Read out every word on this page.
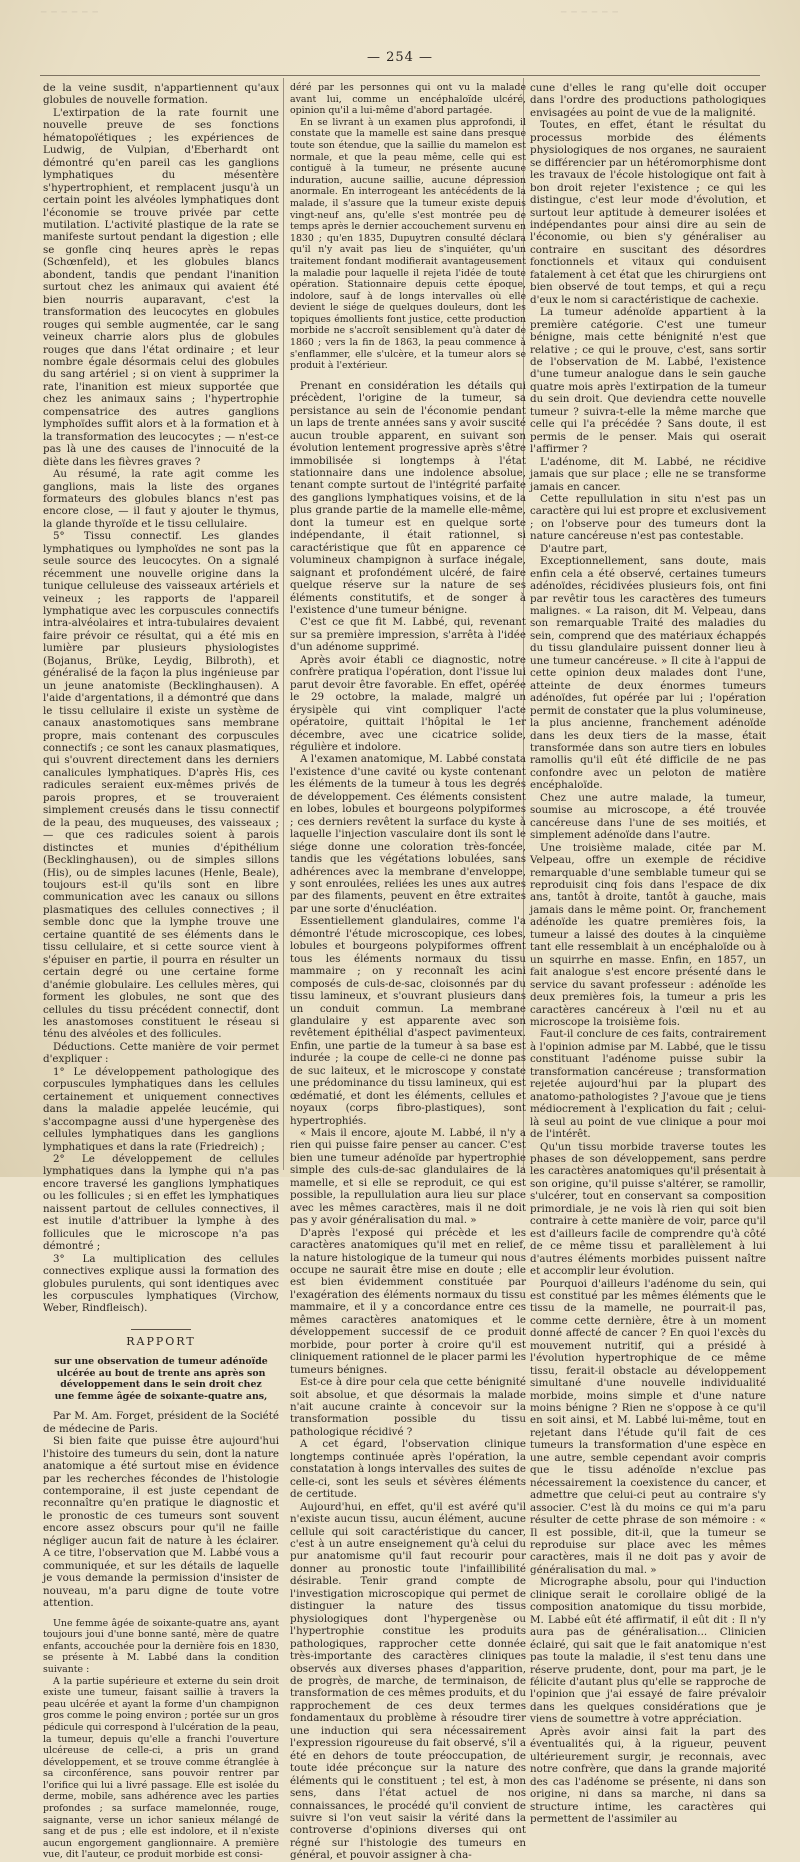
─ ─ ─ ─ ─ ─	─ ─ ─ ─ ─ ─
— 254 —

de la veine susdit, n'appartiennent qu'aux globules de nouvelle formation.

L'extirpation de la rate fournit une nouvelle preuve de ses fonctions hématopoïétiques ; les expériences de Ludwig, de Vulpian, d'Eberhardt ont démontré qu'en pareil cas les ganglions lymphatiques du mésentère s'hypertrophient, et remplacent jusqu'à un certain point les alvéoles lymphatiques dont l'économie se trouve privée par cette mutilation. L'activité plastique de la rate se manifeste surtout pendant la digestion ; elle se gonfle cinq heures après le repas (Schœnfeld), et les globules blancs abondent, tandis que pendant l'inanition surtout chez les animaux qui avaient été bien nourris auparavant, c'est la transformation des leucocytes en globules rouges qui semble augmentée, car le sang veineux charrie alors plus de globules rouges que dans l'état ordinaire ; et leur nombre égale désormais celui des globules du sang artériel ; si on vient à supprimer la rate, l'inanition est mieux supportée que chez les animaux sains ; l'hypertrophie compensatrice des autres ganglions lymphoïdes suffit alors et à la formation et à la transformation des leucocytes ; — n'est-ce pas là une des causes de l'innocuité de la diète dans les fièvres graves ?

Au résumé, la rate agit comme les ganglions, mais la liste des organes formateurs des globules blancs n'est pas encore close, — il faut y ajouter le thymus, la glande thyroïde et le tissu cellulaire.

5° Tissu connectif. Les glandes lymphatiques ou lymphoïdes ne sont pas la seule source des leucocytes. On a signalé récemment une nouvelle origine dans la tunique celluleuse des vaisseaux artériels et veineux ; les rapports de l'appareil lymphatique avec les corpuscules connectifs intra-alvéolaires et intra-tubulaires devaient faire prévoir ce résultat, qui a été mis en lumière par plusieurs physiologistes (Bojanus, Brüke, Leydig, Bilbroth), et généralisé de la façon la plus ingénieuse par un jeune anatomiste (Becklinghausen). A l'aide d'argentations, il a démontré que dans le tissu cellulaire il existe un système de canaux anastomotiques sans membrane propre, mais contenant des corpuscules connectifs ; ce sont les canaux plasmatiques, qui s'ouvrent directement dans les derniers canalicules lymphatiques. D'après His, ces radicules seraient eux-mêmes privés de parois propres, et se trouveraient simplement creusés dans le tissu connectif de la peau, des muqueuses, des vaisseaux ; — que ces radicules soient à parois distinctes et munies d'épithélium (Becklinghausen), ou de simples sillons (His), ou de simples lacunes (Henle, Beale), toujours est-il qu'ils sont en libre communication avec les canaux ou sillons plasmatiques des cellules connectives ; il semble donc que la lymphe trouve une certaine quantité de ses éléments dans le tissu cellulaire, et si cette source vient à s'épuiser en partie, il pourra en résulter un certain degré ou une certaine forme d'anémie globulaire. Les cellules mères, qui forment les globules, ne sont que des cellules du tissu précédent connectif, dont les anastomoses constituent le réseau si ténu des alvéoles et des follicules.

Déductions. Cette manière de voir permet d'expliquer :

1° Le développement pathologique des corpuscules lymphatiques dans les cellules certainement et uniquement connectives dans la maladie appelée leucémie, qui s'accompagne aussi d'une hypergenèse des cellules lymphatiques dans les ganglions lymphatiques et dans la rate (Friedreich) ;

2° Le développement de cellules lymphatiques dans la lymphe qui n'a pas encore traversé les ganglions lymphatiques ou les follicules ; si en effet les lymphatiques naissent partout de cellules connectives, il est inutile d'attribuer la lymphe à des follicules que le microscope n'a pas démontré ;

3° La multiplication des cellules connectives explique aussi la formation des globules purulents, qui sont identiques avec les corpuscules lymphatiques (Virchow, Weber, Rindfleisch).

RAPPORT
sur une observation de tumeur adénoïde ulcérée au bout de trente ans après son développement dans le sein droit chez une femme âgée de soixante-quatre ans,

Par M. Am. Forget, président de la Société de médecine de Paris.

Si bien faite que puisse être aujourd'hui l'histoire des tumeurs du sein, dont la nature anatomique a été surtout mise en évidence par les recherches fécondes de l'histologie contemporaine, il est juste cependant de reconnaître qu'en pratique le diagnostic et le pronostic de ces tumeurs sont souvent encore assez obscurs pour qu'il ne faille négliger aucun fait de nature à les éclairer. A ce titre, l'observation que M. Labbé vous a communiquée, et sur les détails de laquelle je vous demande la permission d'insister de nouveau, m'a paru digne de toute votre attention.

Une femme âgée de soixante-quatre ans, ayant toujours joui d'une bonne santé, mère de quatre enfants, accouchée pour la dernière fois en 1830, se présente à M. Labbé dans la condition suivante :

A la partie supérieure et externe du sein droit existe une tumeur, faisant saillie à travers la peau ulcérée et ayant la forme d'un champignon gros comme le poing environ ; portée sur un gros pédicule qui correspond à l'ulcération de la peau, la tumeur, depuis qu'elle a franchi l'ouverture ulcéreuse de celle-ci, a pris un grand développement, et se trouve comme étranglée à sa circonférence, sans pouvoir rentrer par l'orifice qui lui a livré passage. Elle est isolée du derme, mobile, sans adhérence avec les parties profondes ; sa surface mamelonnée, rouge, saignante, verse un ichor sanieux mélangé de sang et de pus ; elle est indolore, et il n'existe aucun engorgement ganglionnaire. A première vue, dit l'auteur, ce produit morbide est consi-

déré par les personnes qui ont vu la malade avant lui, comme un encéphaloïde ulcéré, opinion qu'il a lui-même d'abord partagée.

En se livrant à un examen plus approfondi, il constate que la mamelle est saine dans presque toute son étendue, que la saillie du mamelon est normale, et que la peau même, celle qui est contiguë à la tumeur, ne présente aucune induration, aucune saillie, aucune dépression anormale. En interrogeant les antécédents de la malade, il s'assure que la tumeur existe depuis vingt-neuf ans, qu'elle s'est montrée peu de temps après le dernier accouchement survenu en 1830 ; qu'en 1835, Dupuytren consulté déclara qu'il n'y avait pas lieu de s'inquiéter, qu'un traitement fondant modifierait avantageusement la maladie pour laquelle il rejeta l'idée de toute opération. Stationnaire depuis cette époque, indolore, sauf à de longs intervalles où elle devient le siége de quelques douleurs, dont les topiques émollients font justice, cette production morbide ne s'accroît sensiblement qu'à dater de 1860 ; vers la fin de 1863, la peau commence à s'enflammer, elle s'ulcère, et la tumeur alors se produit à l'extérieur.

Prenant en considération les détails qui précèdent, l'origine de la tumeur, sa persistance au sein de l'économie pendant un laps de trente années sans y avoir suscité aucun trouble apparent, en suivant son évolution lentement progressive après s'être immobilisée si longtemps à l'état stationnaire dans une indolence absolue, tenant compte surtout de l'intégrité parfaite des ganglions lymphatiques voisins, et de la plus grande partie de la mamelle elle-même, dont la tumeur est en quelque sorte indépendante, il était rationnel, si caractéristique que fût en apparence ce volumineux champignon à surface inégale, saignant et profondément ulcéré, de faire quelque réserve sur la nature de ses éléments constitutifs, et de songer à l'existence d'une tumeur bénigne.

C'est ce que fit M. Labbé, qui, revenant sur sa première impression, s'arrêta à l'idée d'un adénome supprimé.

Après avoir établi ce diagnostic, notre confrère pratiqua l'opération, dont l'issue lui parut devoir être favorable. En effet, opérée le 29 octobre, la malade, malgré un érysipèle qui vint compliquer l'acte opératoire, quittait l'hôpital le 1er décembre, avec une cicatrice solide, régulière et indolore.

A l'examen anatomique, M. Labbé constata l'existence d'une cavité ou kyste contenant les éléments de la tumeur à tous les degrés de développement. Ces éléments consistent en lobes, lobules et bourgeons polypiformes ; ces derniers revêtent la surface du kyste à laquelle l'injection vasculaire dont ils sont le siége donne une coloration très-foncée, tandis que les végétations lobulées, sans adhérences avec la membrane d'enveloppe, y sont enroulées, reliées les unes aux autres par des filaments, peuvent en être extraites par une sorte d'énucléation.

Essentiellement glandulaires, comme l'a démontré l'étude microscopique, ces lobes, lobules et bourgeons polypiformes offrent tous les éléments normaux du tissu mammaire ; on y reconnaît les acini composés de culs-de-sac, cloisonnés par du tissu lamineux, et s'ouvrant plusieurs dans un conduit commun. La membrane glandulaire y est apparente avec son revêtement épithélial d'aspect pavimenteux. Enfin, une partie de la tumeur à sa base est indurée ; la coupe de celle-ci ne donne pas de suc laiteux, et le microscope y constate une prédominance du tissu lamineux, qui est œdématié, et dont les éléments, cellules et noyaux (corps fibro-plastiques), sont hypertrophiés.

« Mais il encore, ajoute M. Labbé, il n'y a rien qui puisse faire penser au cancer. C'est bien une tumeur adénoïde par hypertrophie simple des culs-de-sac glandulaires de la mamelle, et si elle se reproduit, ce qui est possible, la repullulation aura lieu sur place avec les mêmes caractères, mais il ne doit pas y avoir généralisation du mal. »

D'après l'exposé qui précède et les caractères anatomiques qu'il met en relief, la nature histologique de la tumeur qui nous occupe ne saurait être mise en doute ; elle est bien évidemment constituée par l'exagération des éléments normaux du tissu mammaire, et il y a concordance entre ces mêmes caractères anatomiques et le développement successif de ce produit morbide, pour porter à croire qu'il est cliniquement rationnel de le placer parmi les tumeurs bénignes.

Est-ce à dire pour cela que cette bénignité soit absolue, et que désormais la malade n'ait aucune crainte à concevoir sur la transformation possible du tissu pathologique récidivé ?

A cet égard, l'observation clinique longtemps continuée après l'opération, la constatation à longs intervalles des suites de celle-ci, sont les seuls et sévères éléments de certitude.

Aujourd'hui, en effet, qu'il est avéré qu'il n'existe aucun tissu, aucun élément, aucune cellule qui soit caractéristique du cancer, c'est à un autre enseignement qu'à celui du pur anatomisme qu'il faut recourir pour donner au pronostic toute l'infaillibilité désirable. Tenir grand compte de l'investigation microscopique qui permet de distinguer la nature des tissus physiologiques dont l'hypergenèse ou l'hypertrophie constitue les produits pathologiques, rapprocher cette donnée très-importante des caractères cliniques observés aux diverses phases d'apparition, de progrès, de marche, de terminaison, de transformation de ces mêmes produits, et du rapprochement de ces deux termes fondamentaux du problème à résoudre tirer une induction qui sera nécessairement l'expression rigoureuse du fait observé, s'il a été en dehors de toute préoccupation, de toute idée préconçue sur la nature des éléments qui le constituent ; tel est, à mon sens, dans l'état actuel de nos connaissances, le procédé qu'il convient de suivre si l'on veut saisir la vérité dans la controverse d'opinions diverses qui ont régné sur l'histologie des tumeurs en général, et pouvoir assigner à cha-

cune d'elles le rang qu'elle doit occuper dans l'ordre des productions pathologiques envisagées au point de vue de la malignité.

Toutes, en effet, étant le résultat du processus morbide des éléments physiologiques de nos organes, ne sauraient se différencier par un hétéromorphisme dont les travaux de l'école histologique ont fait à bon droit rejeter l'existence ; ce qui les distingue, c'est leur mode d'évolution, et surtout leur aptitude à demeurer isolées et indépendantes pour ainsi dire au sein de l'économie, ou bien s'y généraliser au contraire en suscitant des désordres fonctionnels et vitaux qui conduisent fatalement à cet état que les chirurgiens ont bien observé de tout temps, et qui a reçu d'eux le nom si caractéristique de cachexie.

La tumeur adénoïde appartient à la première catégorie. C'est une tumeur bénigne, mais cette bénignité n'est que relative ; ce qui le prouve, c'est, sans sortir de l'observation de M. Labbé, l'existence d'une tumeur analogue dans le sein gauche quatre mois après l'extirpation de la tumeur du sein droit. Que deviendra cette nouvelle tumeur ? suivra-t-elle la même marche que celle qui l'a précédée ? Sans doute, il est permis de le penser. Mais qui oserait l'affirmer ?

L'adénome, dit M. Labbé, ne récidive jamais que sur place ; elle ne se transforme jamais en cancer.

Cette repullulation in situ n'est pas un caractère qui lui est propre et exclusivement ; on l'observe pour des tumeurs dont la nature cancéreuse n'est pas contestable.

D'autre part,

Exceptionnellement, sans doute, mais enfin cela a été observé, certaines tumeurs adénoïdes, récidivées plusieurs fois, ont fini par revêtir tous les caractères des tumeurs malignes. « La raison, dit M. Velpeau, dans son remarquable Traité des maladies du sein, comprend que des matériaux échappés du tissu glandulaire puissent donner lieu à une tumeur cancéreuse. » Il cite à l'appui de cette opinion deux malades dont l'une, atteinte de deux énormes tumeurs adénoïdes, fut opérée par lui ; l'opération permit de constater que la plus volumineuse, la plus ancienne, franchement adénoïde dans les deux tiers de la masse, était transformée dans son autre tiers en lobules ramollis qu'il eût été difficile de ne pas confondre avec un peloton de matière encéphaloïde.

Chez une autre malade, la tumeur, soumise au microscope, a été trouvée cancéreuse dans l'une de ses moitiés, et simplement adénoïde dans l'autre.

Une troisième malade, citée par M. Velpeau, offre un exemple de récidive remarquable d'une semblable tumeur qui se reproduisit cinq fois dans l'espace de dix ans, tantôt à droite, tantôt à gauche, mais jamais dans le même point. Or, franchement adénoïde les quatre premières fois, la tumeur a laissé des doutes à la cinquième tant elle ressemblait à un encéphaloïde ou à un squirrhe en masse. Enfin, en 1857, un fait analogue s'est encore présenté dans le service du savant professeur : adénoïde les deux premières fois, la tumeur a pris les caractères cancéreux à l'œil nu et au microscope la troisième fois.

Faut-il conclure de ces faits, contrairement à l'opinion admise par M. Labbé, que le tissu constituant l'adénome puisse subir la transformation cancéreuse ; transformation rejetée aujourd'hui par la plupart des anatomo-pathologistes ? J'avoue que je tiens médiocrement à l'explication du fait ; celui-là seul au point de vue clinique a pour moi de l'intérêt.

Qu'un tissu morbide traverse toutes les phases de son développement, sans perdre les caractères anatomiques qu'il présentait à son origine, qu'il puisse s'altérer, se ramollir, s'ulcérer, tout en conservant sa composition primordiale, je ne vois là rien qui soit bien contraire à cette manière de voir, parce qu'il est d'ailleurs facile de comprendre qu'à côté de ce même tissu et parallèlement à lui d'autres éléments morbides puissent naître et accomplir leur évolution.

Pourquoi d'ailleurs l'adénome du sein, qui est constitué par les mêmes éléments que le tissu de la mamelle, ne pourrait-il pas, comme cette dernière, être à un moment donné affecté de cancer ? En quoi l'excès du mouvement nutritif, qui a présidé à l'évolution hypertrophique de ce même tissu, ferait-il obstacle au développement simultané d'une nouvelle individualité morbide, moins simple et d'une nature moins bénigne ? Rien ne s'oppose à ce qu'il en soit ainsi, et M. Labbé lui-même, tout en rejetant dans l'étude qu'il fait de ces tumeurs la transformation d'une espèce en une autre, semble cependant avoir compris que le tissu adénoïde n'exclue pas nécessairement la coexistence du cancer, et admettre que celui-ci peut au contraire s'y associer. C'est là du moins ce qui m'a paru résulter de cette phrase de son mémoire : « Il est possible, dit-il, que la tumeur se reproduise sur place avec les mêmes caractères, mais il ne doit pas y avoir de généralisation du mal. »

Micrographe absolu, pour qui l'induction clinique serait le corollaire obligé de la composition anatomique du tissu morbide, M. Labbé eût été affirmatif, il eût dit : Il n'y aura pas de généralisation... Clinicien éclairé, qui sait que le fait anatomique n'est pas toute la maladie, il s'est tenu dans une réserve prudente, dont, pour ma part, je le félicite d'autant plus qu'elle se rapproche de l'opinion que j'ai essayé de faire prévaloir dans les quelques considérations que je viens de soumettre à votre appréciation.

Après avoir ainsi fait la part des éventualités qui, à la rigueur, peuvent ultérieurement surgir, je reconnais, avec notre confrère, que dans la grande majorité des cas l'adénome se présente, ni dans son origine, ni dans sa marche, ni dans sa structure intime, les caractères qui permettent de l'assimiler au
